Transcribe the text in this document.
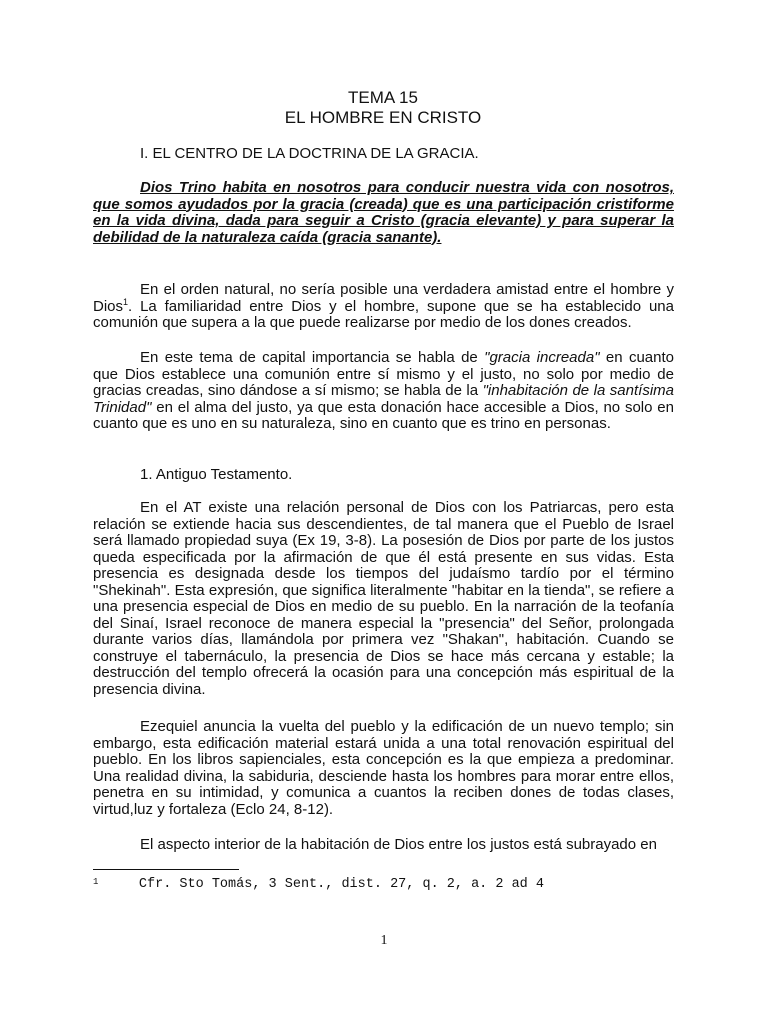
TEMA 15
EL HOMBRE EN CRISTO
I. EL CENTRO DE LA DOCTRINA DE LA GRACIA.
Dios Trino habita en nosotros para conducir nuestra vida con nosotros, que somos ayudados por la gracia (creada) que es una participación cristiforme en la vida divina, dada para seguir a Cristo (gracia elevante) y para superar la debilidad de la naturaleza caída (gracia sanante).
En el orden natural, no sería posible una verdadera amistad entre el hombre y Dios$^1$. La familiaridad entre Dios y el hombre, supone que se ha establecido una comunión que supera a la que puede realizarse por medio de los dones creados.
En este tema de capital importancia se habla de "gracia increada" en cuanto que Dios establece una comunión entre sí mismo y el justo, no solo por medio de gracias creadas, sino dándose a sí mismo; se habla de la "inhabitación de la santísima Trinidad" en el alma del justo, ya que esta donación hace accesible a Dios, no solo en cuanto que es uno en su naturaleza, sino en cuanto que es trino en personas.
1. Antiguo Testamento.
En el AT existe una relación personal de Dios con los Patriarcas, pero esta relación se extiende hacia sus descendientes, de tal manera que el Pueblo de Israel será llamado propiedad suya (Ex 19, 3-8). La posesión de Dios por parte de los justos queda especificada por la afirmación de que él está presente en sus vidas. Esta presencia es designada desde los tiempos del judaísmo tardío por el término "Shekinah". Esta expresión, que significa literalmente "habitar en la tienda", se refiere a una presencia especial de Dios en medio de su pueblo. En la narración de la teofanía del Sinaí, Israel reconoce de manera especial la "presencia" del Señor, prolongada durante varios días, llamándola por primera vez "Shakan", habitación. Cuando se construye el tabernáculo, la presencia de Dios se hace más cercana y estable; la destrucción del templo ofrecerá la ocasión para una concepción más espiritual de la presencia divina.
Ezequiel anuncia la vuelta del pueblo y la edificación de un nuevo templo; sin embargo, esta edificación material estará unida a una total renovación espiritual del pueblo. En los libros sapienciales, esta concepción es la que empieza a predominar. Una realidad divina, la sabiduria, desciende hasta los hombres para morar entre ellos, penetra en su intimidad, y comunica a cuantos la reciben dones de todas clases, virtud,luz y fortaleza (Eclo 24, 8-12).
El aspecto interior de la habitación de Dios entre los justos está subrayado en
$^1$	Cfr. Sto Tomás, 3 Sent., dist. 27, q. 2, a. 2 ad 4
1
